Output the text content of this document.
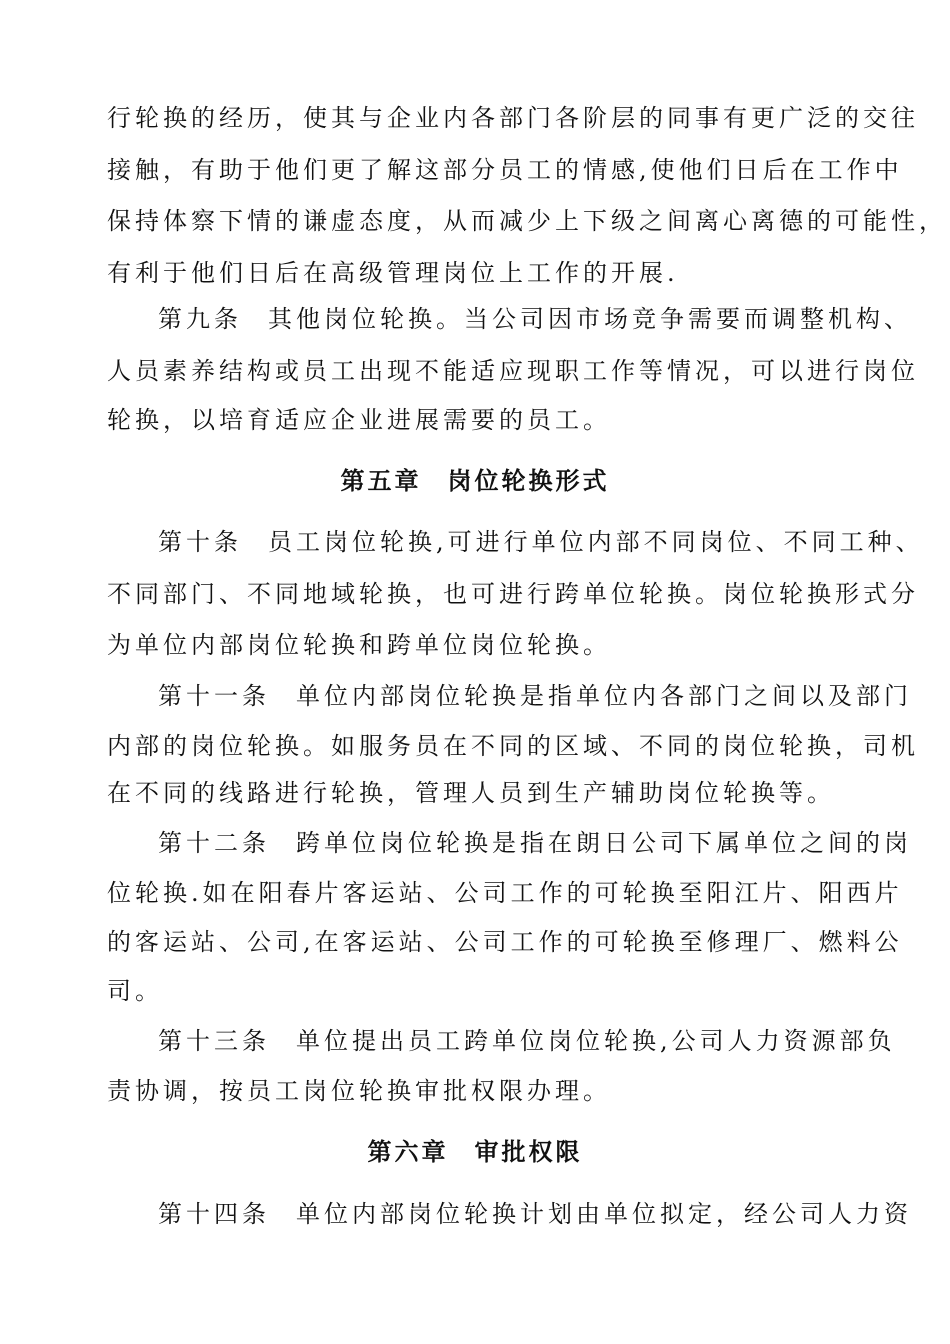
行轮换的经历，使其与企业内各部门各阶层的同事有更广泛的交往
接触，有助于他们更了解这部分员工的情感,使他们日后在工作中
保持体察下情的谦虚态度，从而减少上下级之间离心离德的可能性，
有利于他们日后在高级管理岗位上工作的开展.
第九条 其他岗位轮换。当公司因市场竞争需要而调整机构、
人员素养结构或员工出现不能适应现职工作等情况，可以进行岗位
轮换，以培育适应企业进展需要的员工。
第五章 岗位轮换形式
第十条 员工岗位轮换,可进行单位内部不同岗位、不同工种、
不同部门、不同地域轮换，也可进行跨单位轮换。岗位轮换形式分
为单位内部岗位轮换和跨单位岗位轮换。
第十一条 单位内部岗位轮换是指单位内各部门之间以及部门
内部的岗位轮换。如服务员在不同的区域、不同的岗位轮换，司机
在不同的线路进行轮换，管理人员到生产辅助岗位轮换等。
第十二条 跨单位岗位轮换是指在朗日公司下属单位之间的岗
位轮换.如在阳春片客运站、公司工作的可轮换至阳江片、阳西片
的客运站、公司,在客运站、公司工作的可轮换至修理厂、燃料公
司。
第十三条 单位提出员工跨单位岗位轮换,公司人力资源部负
责协调，按员工岗位轮换审批权限办理。
第六章 审批权限
第十四条 单位内部岗位轮换计划由单位拟定，经公司人力资
